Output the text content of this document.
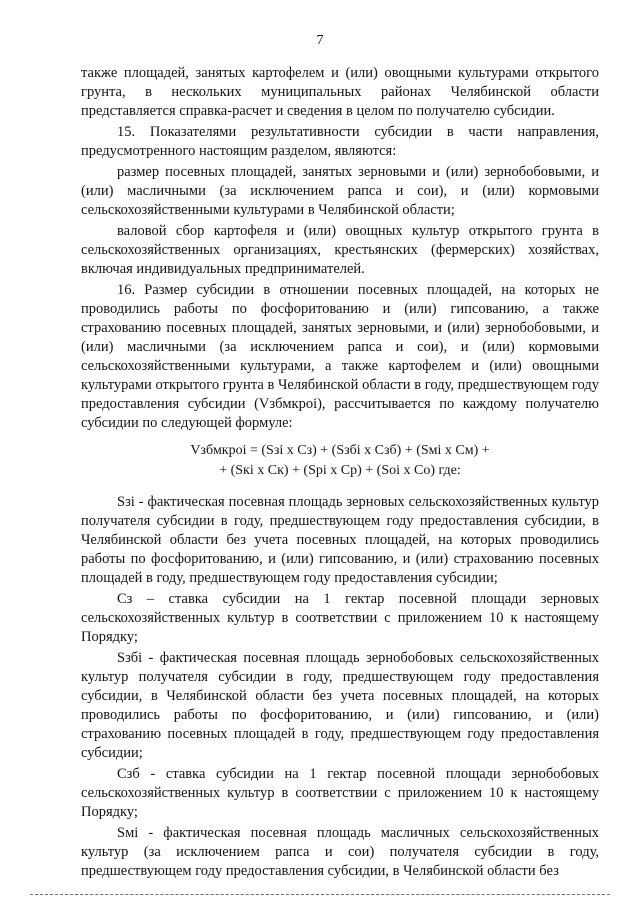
7

также площадей, занятых картофелем и (или) овощными культурами открытого грунта, в нескольких муниципальных районах Челябинской области представляется справка-расчет и сведения в целом по получателю субсидии.

15. Показателями результативности субсидии в части направления, предусмотренного настоящим разделом, являются:

размер посевных площадей, занятых зерновыми и (или) зернобобовыми, и (или) масличными (за исключением рапса и сои), и (или) кормовыми сельскохозяйственными культурами в Челябинской области;

валовой сбор картофеля и (или) овощных культур открытого грунта в сельскохозяйственных организациях, крестьянских (фермерских) хозяйствах, включая индивидуальных предпринимателей.

16. Размер субсидии в отношении посевных площадей, на которых не проводились работы по фосфоритованию и (или) гипсованию, а также страхованию посевных площадей, занятых зерновыми, и (или) зернобобовыми, и (или) масличными (за исключением рапса и сои), и (или) кормовыми сельскохозяйственными культурами, а также картофелем и (или) овощными культурами открытого грунта в Челябинской области в году, предшествующем году предоставления субсидии (Vзбмкроi), рассчитывается по каждому получателю субсидии по следующей формуле:

Vзбмкроi = (Sзi x Cз) + (Sзбi x Cзб) + (Sмi x Cм) +
+ (Sкi x Cк) + (Spi x Cp) + (Soi x Co) где:

Sзi - фактическая посевная площадь зерновых сельскохозяйственных культур получателя субсидии в году, предшествующем году предоставления субсидии, в Челябинской области без учета посевных площадей, на которых проводились работы по фосфоритованию, и (или) гипсованию, и (или) страхованию посевных площадей в году, предшествующем году предоставления субсидии;

Cз – ставка субсидии на 1 гектар посевной площади зерновых сельскохозяйственных культур в соответствии с приложением 10 к настоящему Порядку;

Sзбi - фактическая посевная площадь зернобобовых сельскохозяйственных культур получателя субсидии в году, предшествующем году предоставления субсидии, в Челябинской области без учета посевных площадей, на которых проводились работы по фосфоритованию, и (или) гипсованию, и (или) страхованию посевных площадей в году, предшествующем году предоставления субсидии;

Cзб - ставка субсидии на 1 гектар посевной площади зернобобовых сельскохозяйственных культур в соответствии с приложением 10 к настоящему Порядку;

Sмi - фактическая посевная площадь масличных сельскохозяйственных культур (за исключением рапса и сои) получателя субсидии в году, предшествующем году предоставления субсидии, в Челябинской области без
